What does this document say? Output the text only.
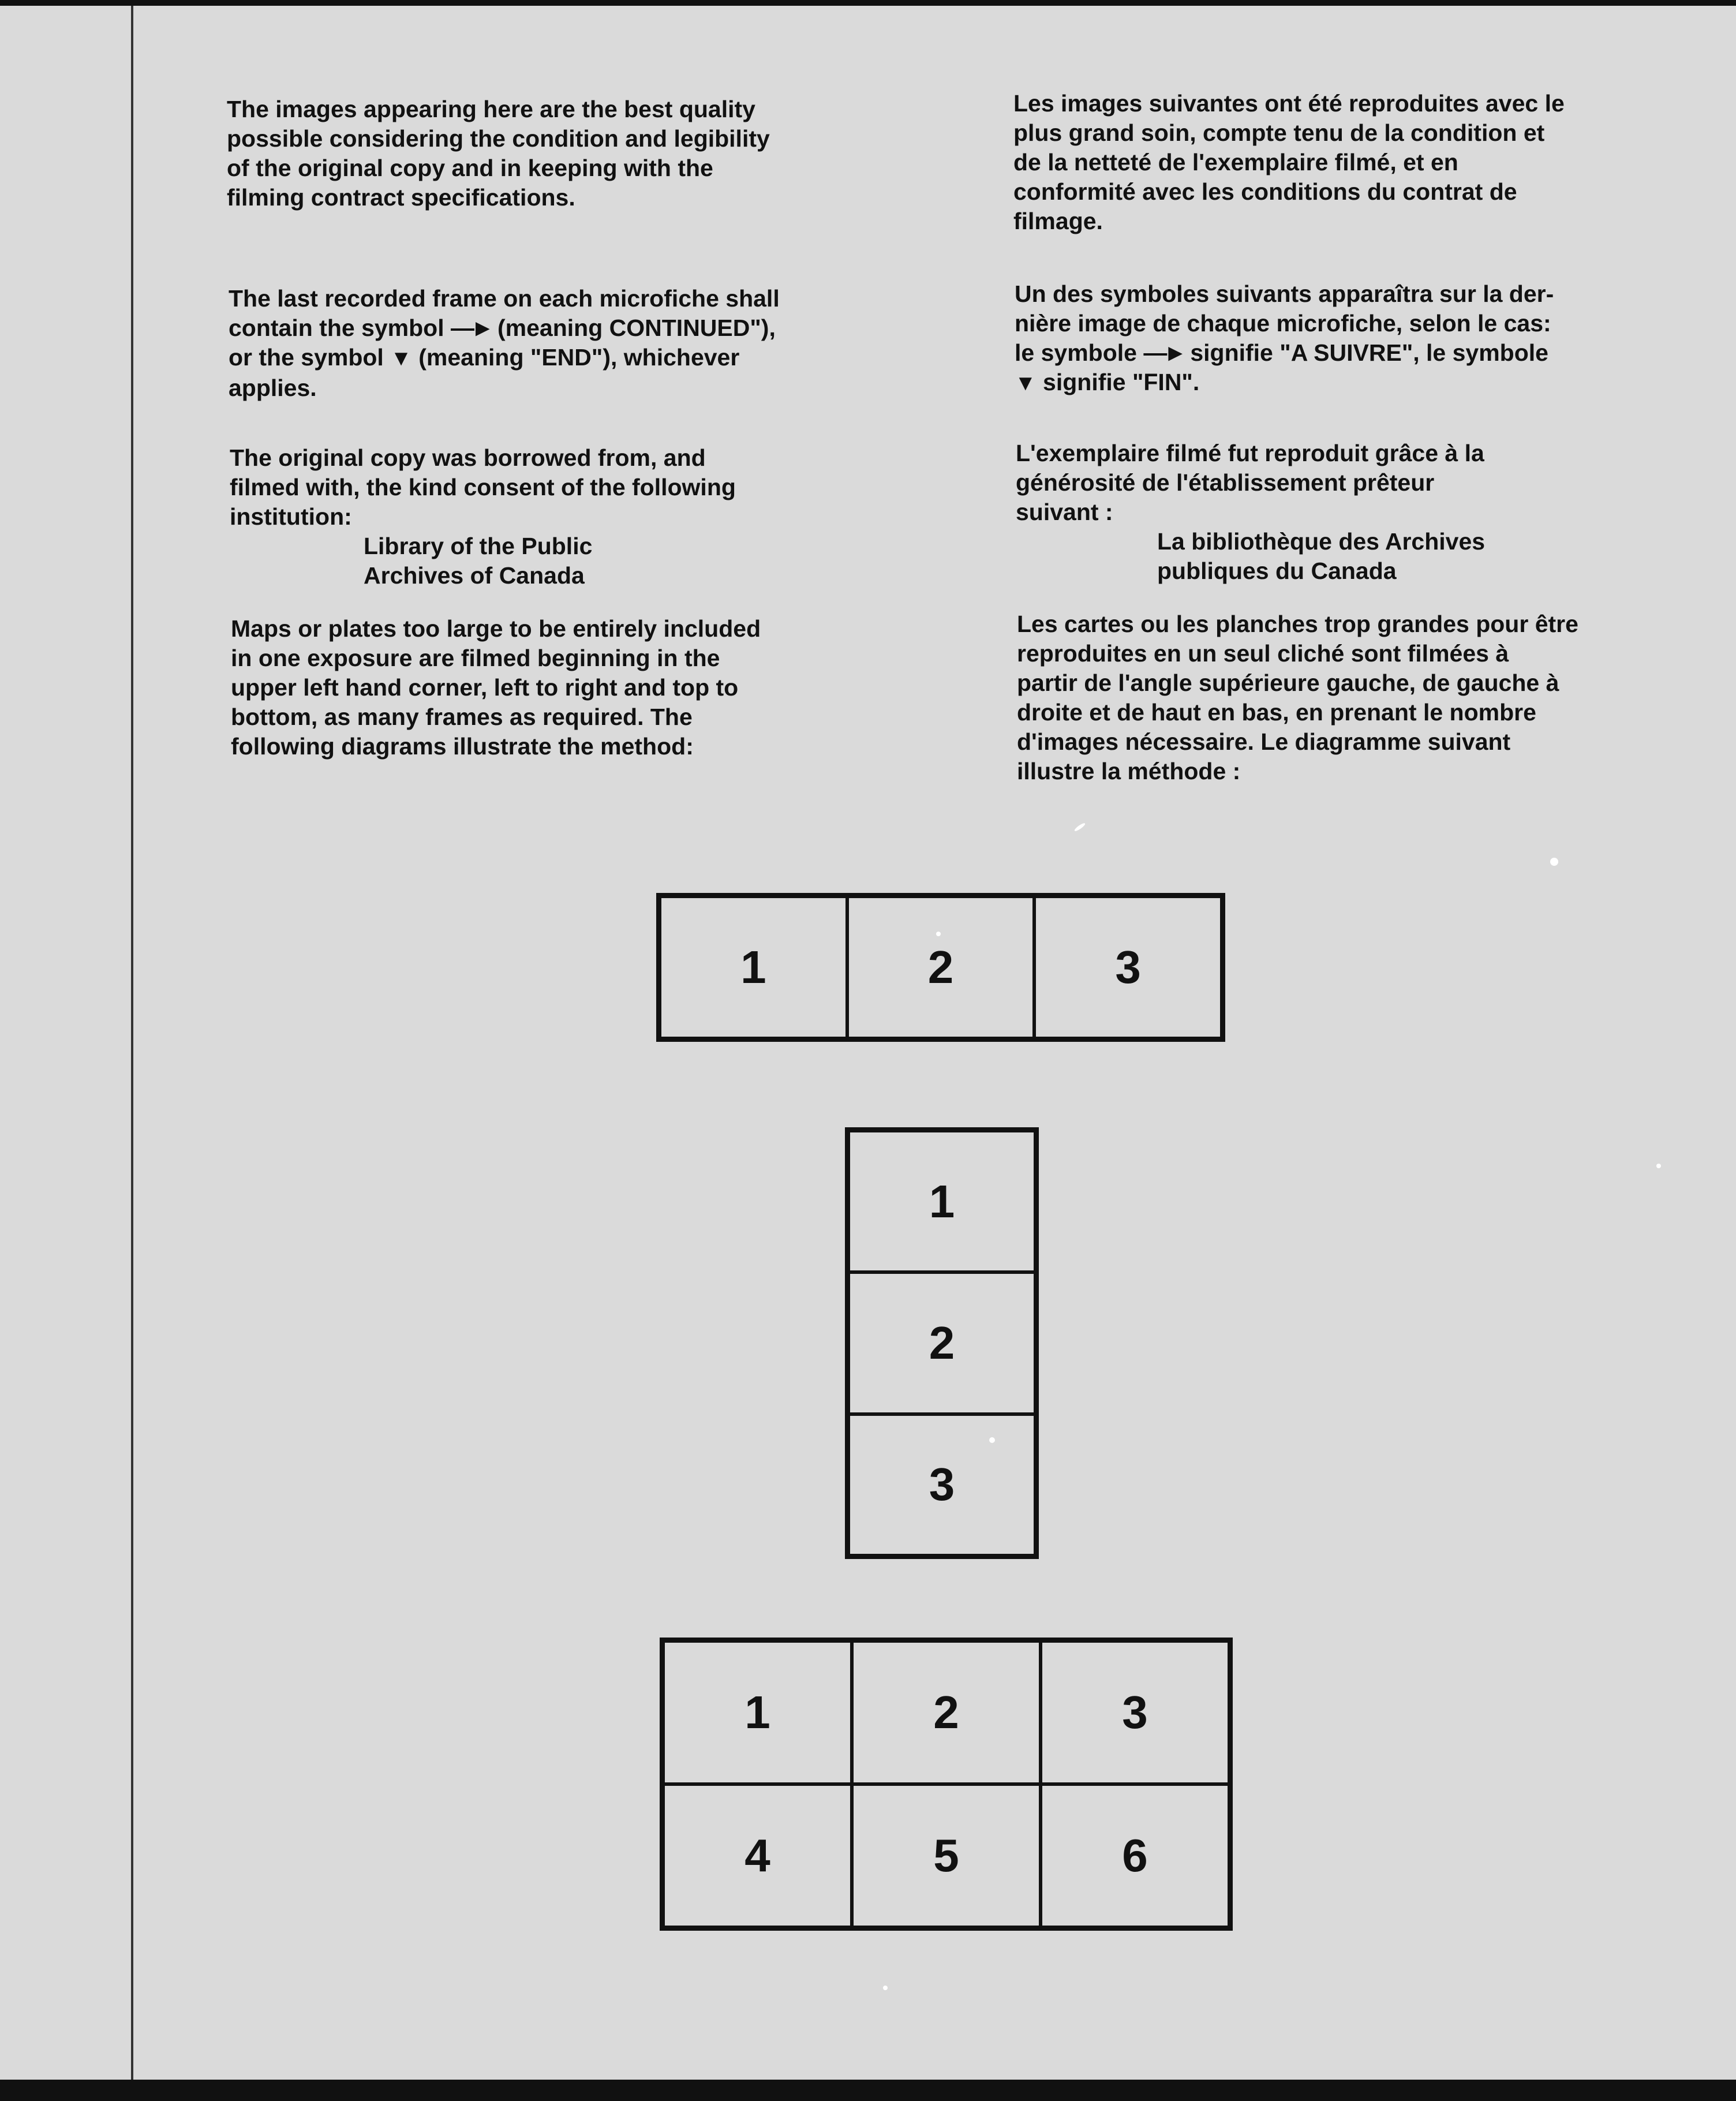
The images appearing here are the best quality
possible considering the condition and legibility
of the original copy and in keeping with the
filming contract specifications.

The last recorded frame on each microfiche shall
contain the symbol —► (meaning CONTINUED"),
or the symbol ▼ (meaning "END"), whichever
applies.

The original copy was borrowed from, and
filmed with, the kind consent of the following
institution:

Library of the Public
Archives of Canada

Maps or plates too large to be entirely included
in one exposure are filmed beginning in the
upper left hand corner, left to right and top to
bottom, as many frames as required. The
following diagrams illustrate the method:

Les images suivantes ont été reproduites avec le
plus grand soin, compte tenu de la condition et
de la netteté de l'exemplaire filmé, et en
conformité avec les conditions du contrat de
filmage.

Un des symboles suivants apparaîtra sur la der-
nière image de chaque microfiche, selon le cas:
le symbole —► signifie "A SUIVRE", le symbole
▼ signifie "FIN".

L'exemplaire filmé fut reproduit grâce à la
générosité de l'établissement prêteur
suivant :

La bibliothèque des Archives
publiques du Canada

Les cartes ou les planches trop grandes pour être
reproduites en un seul cliché sont filmées à
partir de l'angle supérieure gauche, de gauche à
droite et de haut en bas, en prenant le nombre
d'images nécessaire. Le diagramme suivant
illustre la méthode :

1	2	3
1
2
3
1	2	3
4	5	6
